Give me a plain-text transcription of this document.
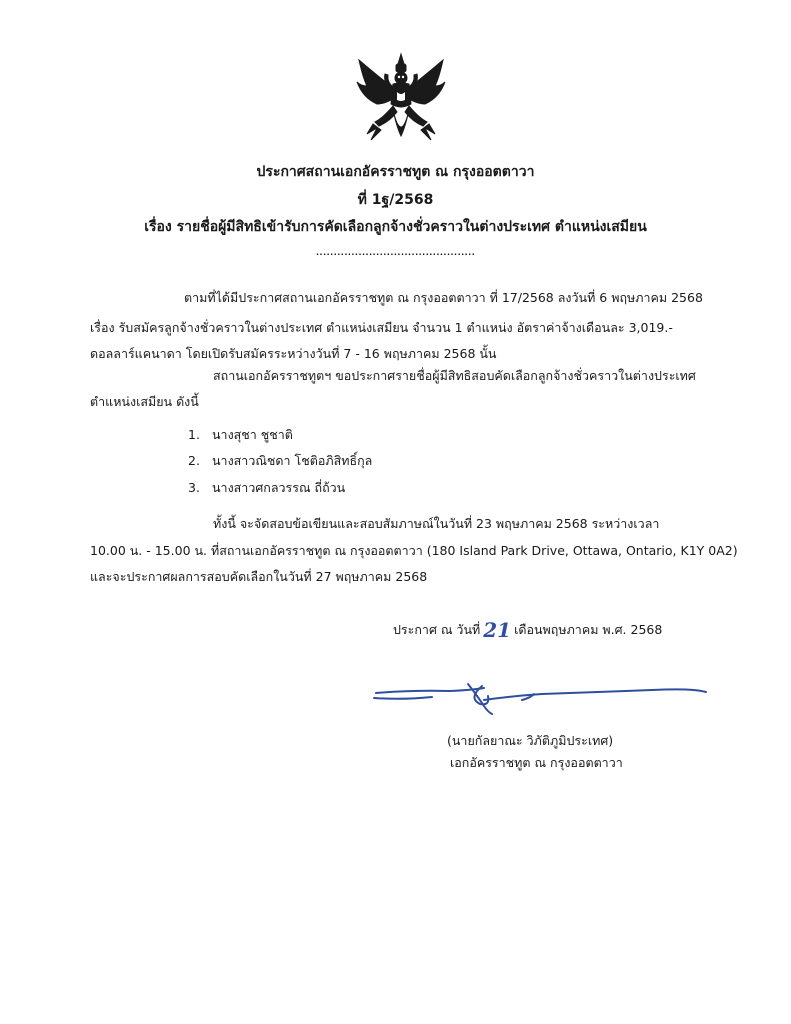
ประกาศสถานเอกอัครราชทูต ณ กรุงออตตาวา
ที่ 1ฐ/2568
เรื่อง รายชื่อผู้มีสิทธิเข้ารับการคัดเลือกลูกจ้างชั่วคราวในต่างประเทศ ตำแหน่งเสมียน
.............................................
ตามที่ได้มีประกาศสถานเอกอัครราชทูต ณ กรุงออตตาวา ที่ 17/2568 ลงวันที่ 6 พฤษภาคม 2568
เรื่อง รับสมัครลูกจ้างชั่วคราวในต่างประเทศ ตำแหน่งเสมียน จำนวน 1 ตำแหน่ง อัตราค่าจ้างเดือนละ 3,019.-
ดอลลาร์แคนาดา โดยเปิดรับสมัครระหว่างวันที่ 7 - 16 พฤษภาคม 2568 นั้น
สถานเอกอัครราชทูตฯ ขอประกาศรายชื่อผู้มีสิทธิสอบคัดเลือกลูกจ้างชั่วคราวในต่างประเทศ
ตำแหน่งเสมียน ดังนี้
1. นางสุชา ชูชาติ
2. นางสาวณิชดา โชติอภิสิทธิ์กุล
3. นางสาวศกลวรรณ ถี่ถ้วน
ทั้งนี้ จะจัดสอบข้อเขียนและสอบสัมภาษณ์ในวันที่ 23 พฤษภาคม 2568 ระหว่างเวลา
10.00 น. - 15.00 น. ที่สถานเอกอัครราชทูต ณ กรุงออตตาวา (180 Island Park Drive, Ottawa, Ontario, K1Y 0A2)
และจะประกาศผลการสอบคัดเลือกในวันที่ 27 พฤษภาคม 2568
ประกาศ ณ วันที่ 21 เดือนพฤษภาคม พ.ศ. 2568
(นายกัลยาณะ วิภัติภูมิประเทศ)
เอกอัครราชทูต ณ กรุงออตตาวา
